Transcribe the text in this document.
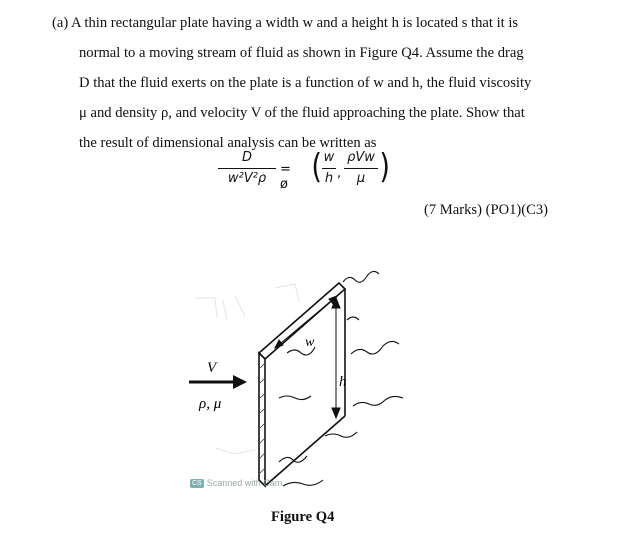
(a) A thin rectangular plate having a width w and a height h is located s that it is
normal to a moving stream of fluid as shown in Figure Q4. Assume the drag
D that the fluid exerts on the plate is a function of w and h, the fluid viscosity
μ and density ρ, and velocity V of the fluid approaching the plate. Show that
the result of dimensional analysis can be written as
D
w²V²ρ
= ø ( w
h ,
ρVw
μ )
(7 Marks) (PO1)(C3)
V
ρ, μ
w
h
CS Scanned with Cam
Figure Q4
